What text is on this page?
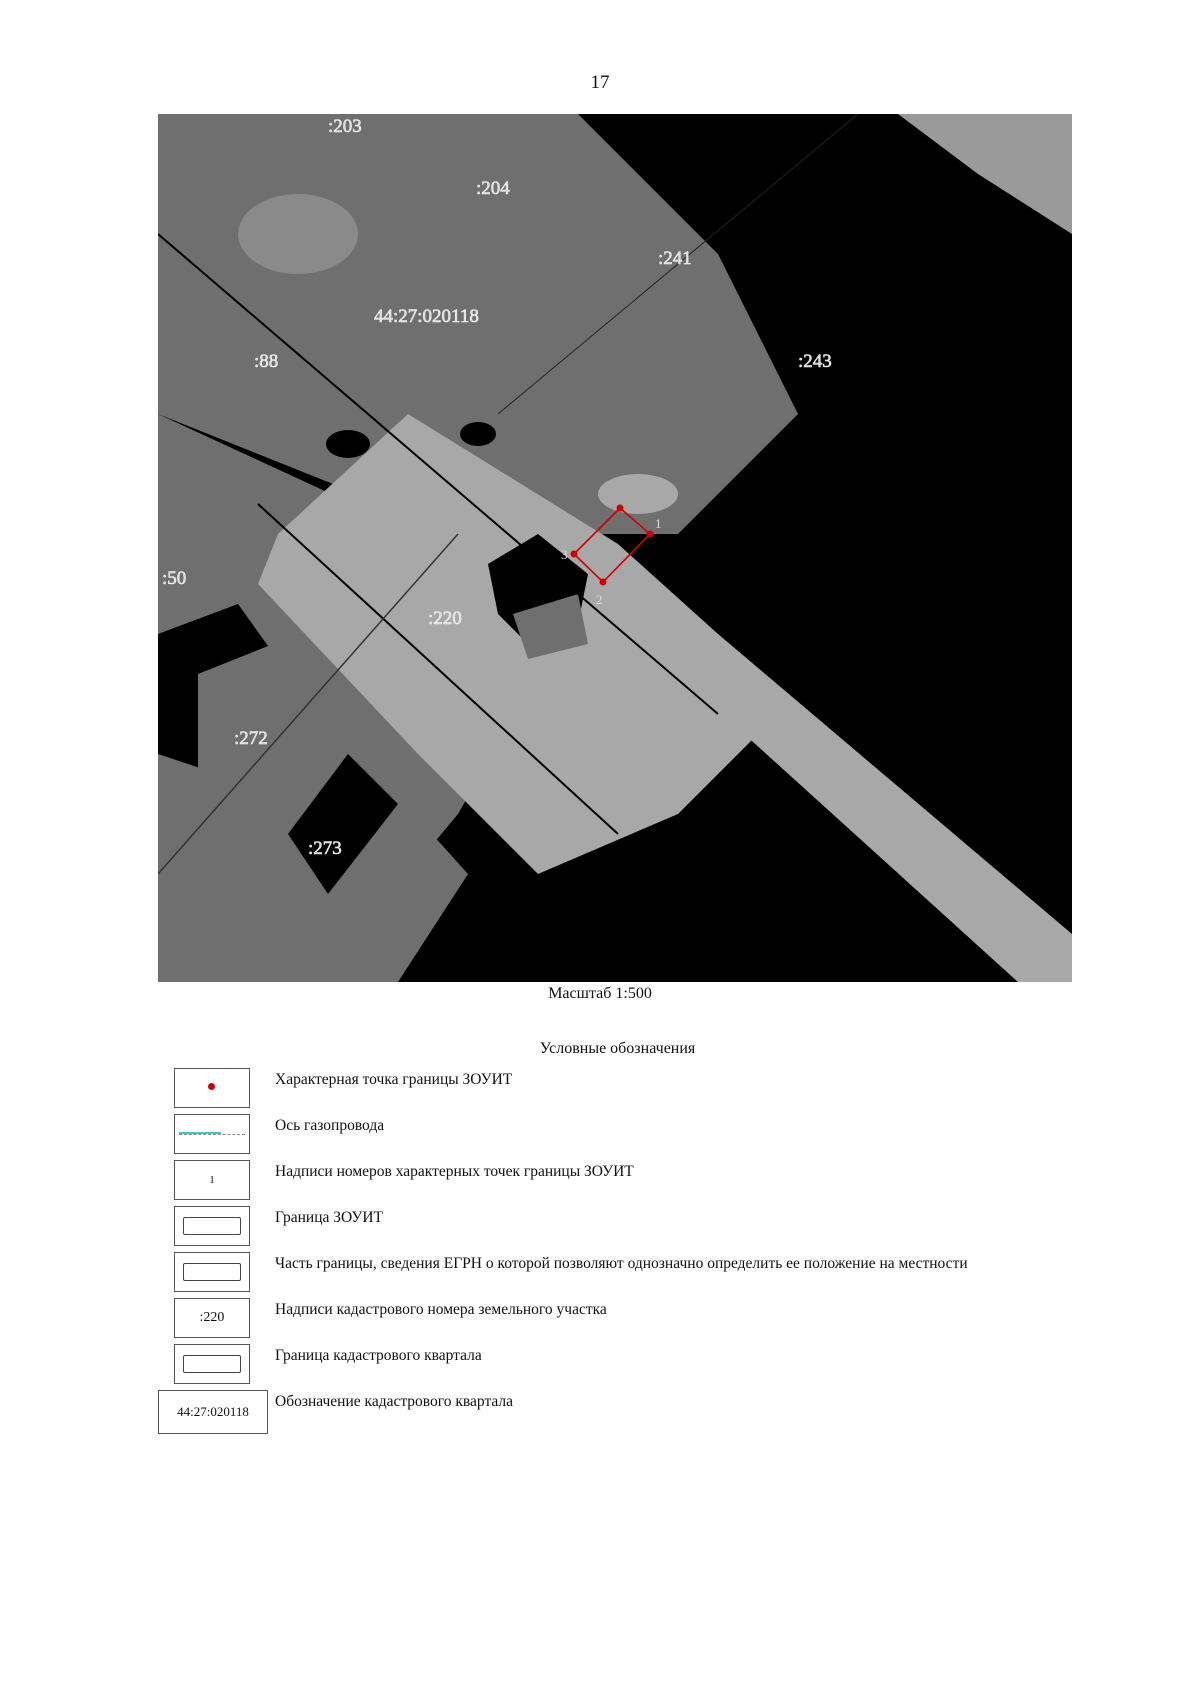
17
1
2
3
:203
:204
:241
:243
44:27:020118
:88
:50
:220
:272
:273
Масштаб 1:500
Условные обозначения
Характерная точка границы ЗОУИТ
Ось газопровода
1	Надписи номеров характерных точек границы ЗОУИТ
Граница ЗОУИТ
Часть границы, сведения ЕГРН о которой позволяют однозначно определить ее положение на местности
:220	Надписи кадастрового номера земельного участка
Граница кадастрового квартала
44:27:020118
Обозначение кадастрового квартала
